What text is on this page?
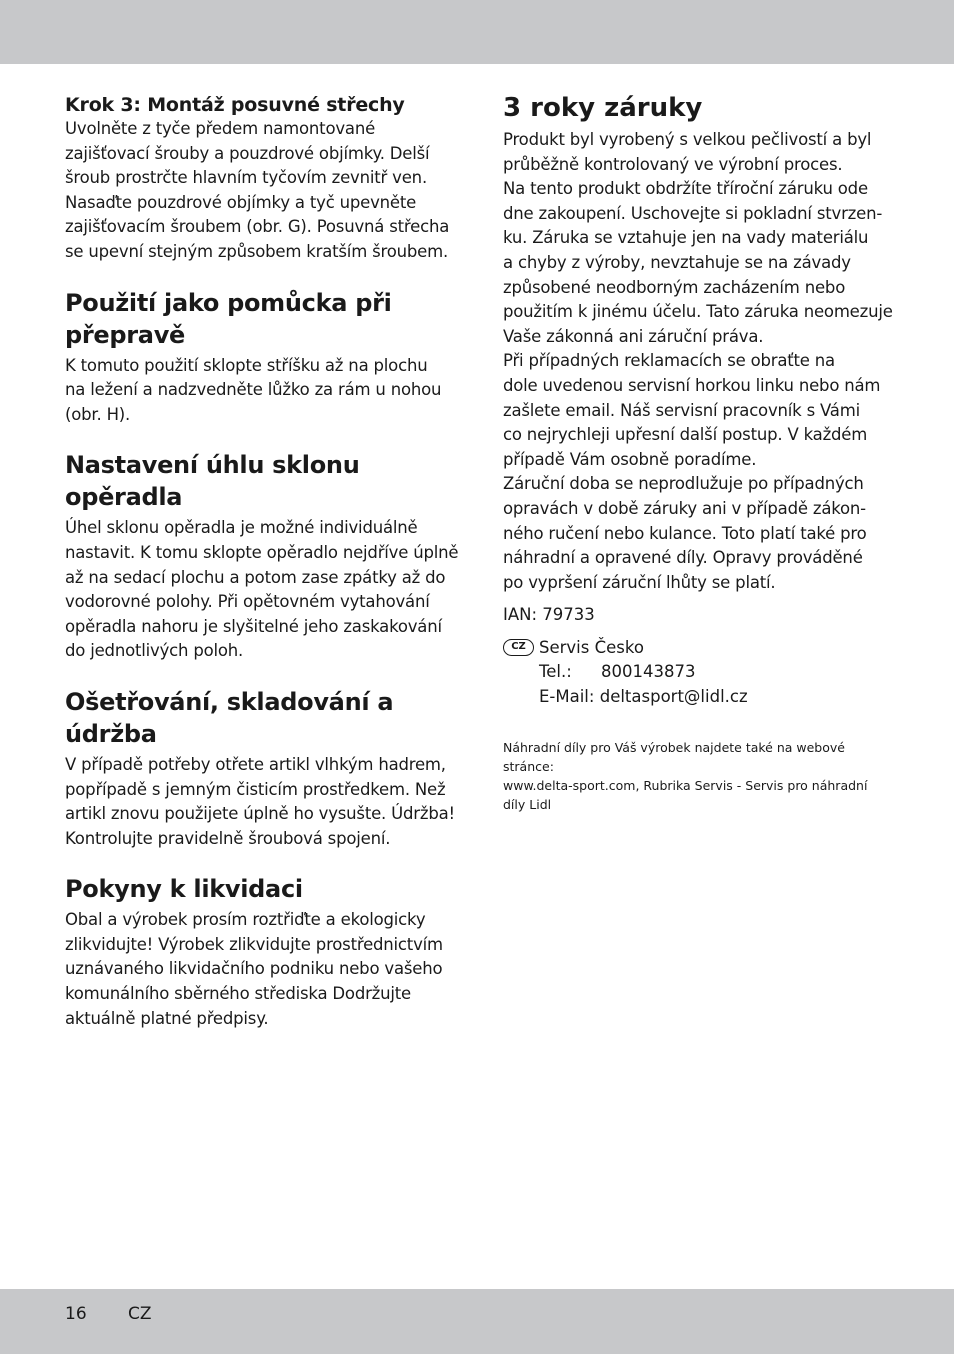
Krok 3: Montáž posuvné střechy
Uvolněte z tyče předem namontované
zajišťovací šrouby a pouzdrové objímky. Delší
šroub prostrčte hlavním tyčovím zevnitř ven.
Nasaďte pouzdrové objímky a tyč upevněte
zajišťovacím šroubem (obr. G). Posuvná střecha
se upevní stejným způsobem kratším šroubem.
Použití jako pomůcka při
přepravě
K tomuto použití sklopte stříšku až na plochu
na ležení a nadzvedněte lůžko za rám u nohou
(obr. H).
Nastavení úhlu sklonu
opěradla
Úhel sklonu opěradla je možné individuálně
nastavit. K tomu sklopte opěradlo nejdříve úplně
až na sedací plochu a potom zase zpátky až do
vodorovné polohy. Při opětovném vytahování
opěradla nahoru je slyšitelné jeho zaskakování
do jednotlivých poloh.
Ošetřování, skladování a
údržba
V případě potřeby otřete artikl vlhkým hadrem,
popřípadě s jemným čisticím prostředkem. Než
artikl znovu použijete úplně ho vysušte. Údržba!
Kontrolujte pravidelně šroubová spojení.
Pokyny k likvidaci
Obal a výrobek prosím roztřiďte a ekologicky
zlikvidujte! Výrobek zlikvidujte prostřednictvím
uznávaného likvidačního podniku nebo vašeho
komunálního sběrného střediska Dodržujte
aktuálně platné předpisy.
3 roky záruky
Produkt byl vyrobený s velkou pečlivostí a byl
průběžně kontrolovaný ve výrobní proces.
Na tento produkt obdržíte tříroční záruku ode
dne zakoupení. Uschovejte si pokladní stvrzen-
ku. Záruka se vztahuje jen na vady materiálu
a chyby z výroby, nevztahuje se na závady
způsobené neodborným zacházením nebo
použitím k jinému účelu. Tato záruka neomezuje
Vaše zákonná ani záruční práva.
Při případných reklamacích se obraťte na
dole uvedenou servisní horkou linku nebo nám
zašlete email. Náš servisní pracovník s Vámi
co nejrychleji upřesní další postup. V každém
případě Vám osobně poradíme.
Záruční doba se neprodlužuje po případných
opravách v době záruky ani v případě zákon-
ného ručení nebo kulance. Toto platí také pro
náhradní a opravené díly. Opravy prováděné
po vypršení záruční lhůty se platí.
IAN: 79733
CZ Servis Česko
Tel.: 800143873
E-Mail: deltasport@lidl.cz
Náhradní díly pro Váš výrobek najdete také na webové
stránce:
www.delta-sport.com, Rubrika Servis - Servis pro náhradní
díly Lidl
16 CZ
